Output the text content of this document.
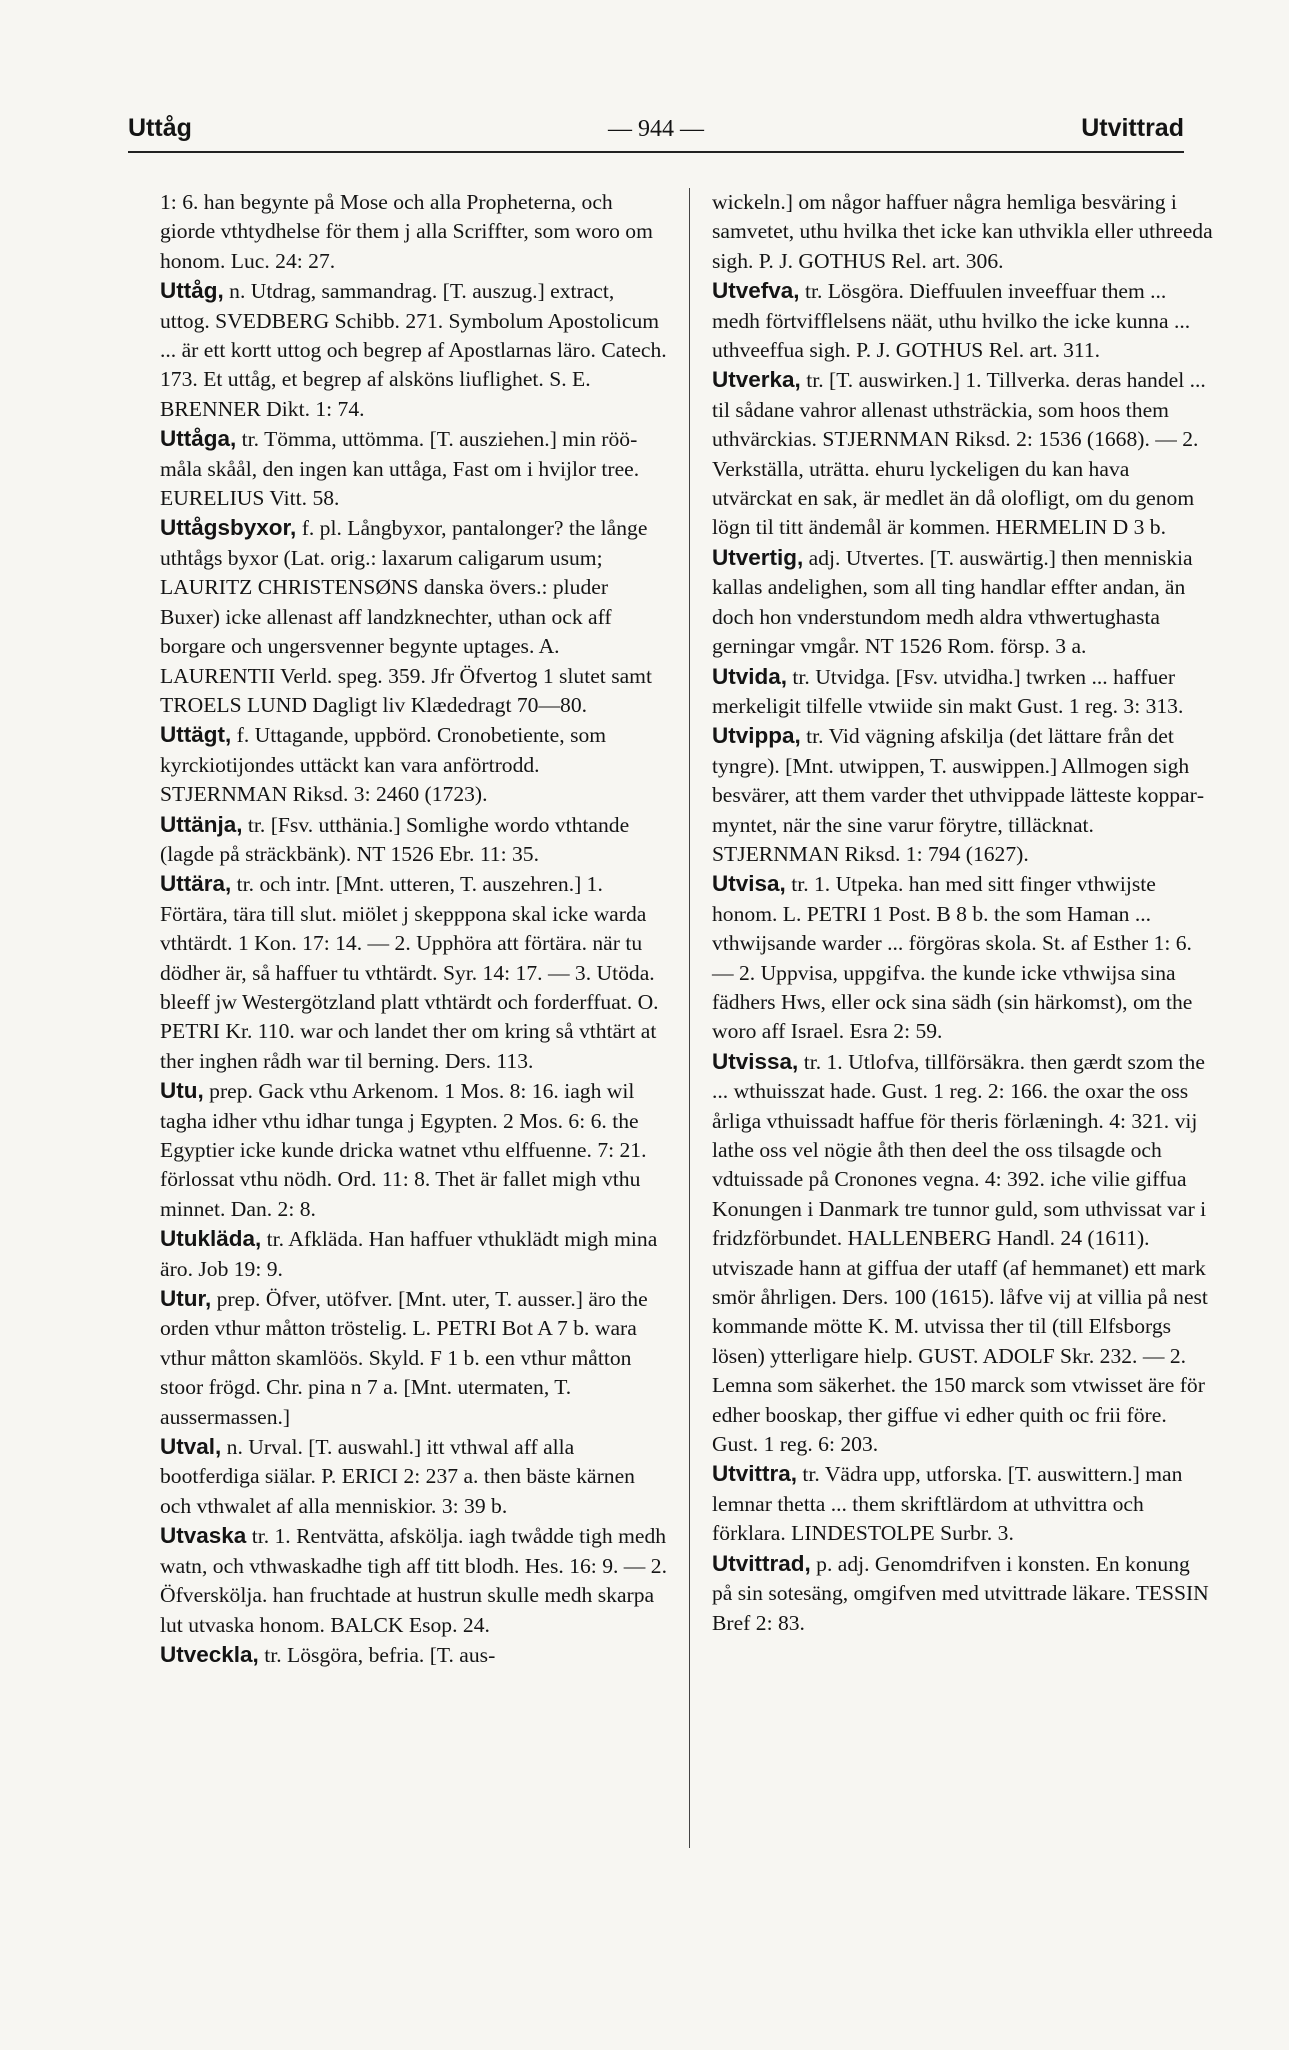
Uttåg	— 944 —	Utvittrad

1: 6. han begynte på Mose och alla Propheterna, och giorde vthtydhelse för them j alla Scriffter, som woro om honom. Luc. 24: 27.

Uttåg, n. Utdrag, sammandrag. [T. auszug.] extract, uttog. SVEDBERG Schibb. 271. Symbolum Apostolicum ... är ett kortt uttog och begrep af Apostlarnas läro. Catech. 173. Et uttåg, et begrep af alsköns liuflighet. S. E. BRENNER Dikt. 1: 74.

Uttåga, tr. Tömma, uttömma. [T. ausziehen.] min röö-måla skåål, den ingen kan uttåga, Fast om i hvijlor tree. EURELIUS Vitt. 58.

Uttågsbyxor, f. pl. Långbyxor, pantalonger? the långe uthtågs byxor (Lat. orig.: laxarum caligarum usum; LAURITZ CHRISTENSØNS danska övers.: pluder Buxer) icke allenast aff landzknechter, uthan ock aff borgare och ungersvenner begynte uptages. A. LAURENTII Verld. speg. 359. Jfr Öfvertog 1 slutet samt TROELS LUND Dagligt liv Klædedragt 70—80.

Uttägt, f. Uttagande, uppbörd. Cronobetiente, som kyrckiotijondes uttäckt kan vara anförtrodd. STJERNMAN Riksd. 3: 2460 (1723).

Uttänja, tr. [Fsv. utthänia.] Somlighe wordo vthtande (lagde på sträckbänk). NT 1526 Ebr. 11: 35.

Uttära, tr. och intr. [Mnt. utteren, T. auszehren.] 1. Förtära, tära till slut. miölet j skepppona skal icke warda vthtärdt. 1 Kon. 17: 14. — 2. Upphöra att förtära. när tu dödher är, så haffuer tu vthtärdt. Syr. 14: 17. — 3. Utöda. bleeff jw Westergötzland platt vthtärdt och forderffuat. O. PETRI Kr. 110. war och landet ther om kring så vthtärt at ther inghen rådh war til berning. Ders. 113.

Utu, prep. Gack vthu Arkenom. 1 Mos. 8: 16. iagh wil tagha idher vthu idhar tunga j Egypten. 2 Mos. 6: 6. the Egyptier icke kunde dricka watnet vthu elffuenne. 7: 21. förlossat vthu nödh. Ord. 11: 8. Thet är fallet migh vthu minnet. Dan. 2: 8.

Utukläda, tr. Afkläda. Han haffuer vthuklädt migh mina äro. Job 19: 9.

Utur, prep. Öfver, utöfver. [Mnt. uter, T. ausser.] äro the orden vthur måtton tröstelig. L. PETRI Bot A 7 b. wara vthur måtton skamlöös. Skyld. F 1 b. een vthur måtton stoor frögd. Chr. pina n 7 a. [Mnt. utermaten, T. aussermassen.]

Utval, n. Urval. [T. auswahl.] itt vthwal aff alla bootferdiga siälar. P. ERICI 2: 237 a. then bäste kärnen och vthwalet af alla menniskior. 3: 39 b.

Utvaska tr. 1. Rentvätta, afskölja. iagh twådde tigh medh watn, och vthwaskadhe tigh aff titt blodh. Hes. 16: 9. — 2. Öfverskölja. han fruchtade at hustrun skulle medh skarpa lut utvaska honom. BALCK Esop. 24.

Utveckla, tr. Lösgöra, befria. [T. aus-

wickeln.] om någor haffuer några hemliga besväring i samvetet, uthu hvilka thet icke kan uthvikla eller uthreeda sigh. P. J. GOTHUS Rel. art. 306.

Utvefva, tr. Lösgöra. Dieffuulen inveeffuar them ... medh förtvifflelsens näät, uthu hvilko the icke kunna ... uthveeffua sigh. P. J. GOTHUS Rel. art. 311.

Utverka, tr. [T. auswirken.] 1. Tillverka. deras handel ... til sådane vahror allenast uthsträckia, som hoos them uthvärckias. STJERNMAN Riksd. 2: 1536 (1668). — 2. Verkställa, uträtta. ehuru lyckeligen du kan hava utvärckat en sak, är medlet än då olofligt, om du genom lögn til titt ändemål är kommen. HERMELIN D 3 b.

Utvertig, adj. Utvertes. [T. auswärtig.] then menniskia kallas andelighen, som all ting handlar effter andan, än doch hon vnderstundom medh aldra vthwertughasta gerningar vmgår. NT 1526 Rom. försp. 3 a.

Utvida, tr. Utvidga. [Fsv. utvidha.] twrken ... haffuer merkeligit tilfelle vtwiide sin makt Gust. 1 reg. 3: 313.

Utvippa, tr. Vid vägning afskilja (det lättare från det tyngre). [Mnt. utwippen, T. auswippen.] Allmogen sigh besvärer, att them varder thet uthvippade lätteste kopparmyntet, när the sine varur förytre, tilläcknat. STJERNMAN Riksd. 1: 794 (1627).

Utvisa, tr. 1. Utpeka. han med sitt finger vthwijste honom. L. PETRI 1 Post. B 8 b. the som Haman ... vthwijsande warder ... förgöras skola. St. af Esther 1: 6. — 2. Uppvisa, uppgifva. the kunde icke vthwijsa sina fädhers Hws, eller ock sina sädh (sin härkomst), om the woro aff Israel. Esra 2: 59.

Utvissa, tr. 1. Utlofva, tillförsäkra. then gærdt szom the ... wthuisszat hade. Gust. 1 reg. 2: 166. the oxar the oss årliga vthuissadt haffue för theris förlæningh. 4: 321. vij lathe oss vel nögie åth then deel the oss tilsagde och vdtuissade på Cronones vegna. 4: 392. iche vilie giffua Konungen i Danmark tre tunnor guld, som uthvissat var i fridzförbundet. HALLENBERG Handl. 24 (1611). utviszade hann at giffua der utaff (af hemmanet) ett mark smör åhrligen. Ders. 100 (1615). låfve vij at villia på nest kommande mötte K. M. utvissa ther til (till Elfsborgs lösen) ytterligare hielp. GUST. ADOLF Skr. 232. — 2. Lemna som säkerhet. the 150 marck som vtwisset äre för edher booskap, ther giffue vi edher quith oc frii före. Gust. 1 reg. 6: 203.

Utvittra, tr. Vädra upp, utforska. [T. auswittern.] man lemnar thetta ... them skriftlärdom at uthvittra och förklara. LINDESTOLPE Surbr. 3.

Utvittrad, p. adj. Genomdrifven i konsten. En konung på sin sotesäng, omgifven med utvittrade läkare. TESSIN Bref 2: 83.
